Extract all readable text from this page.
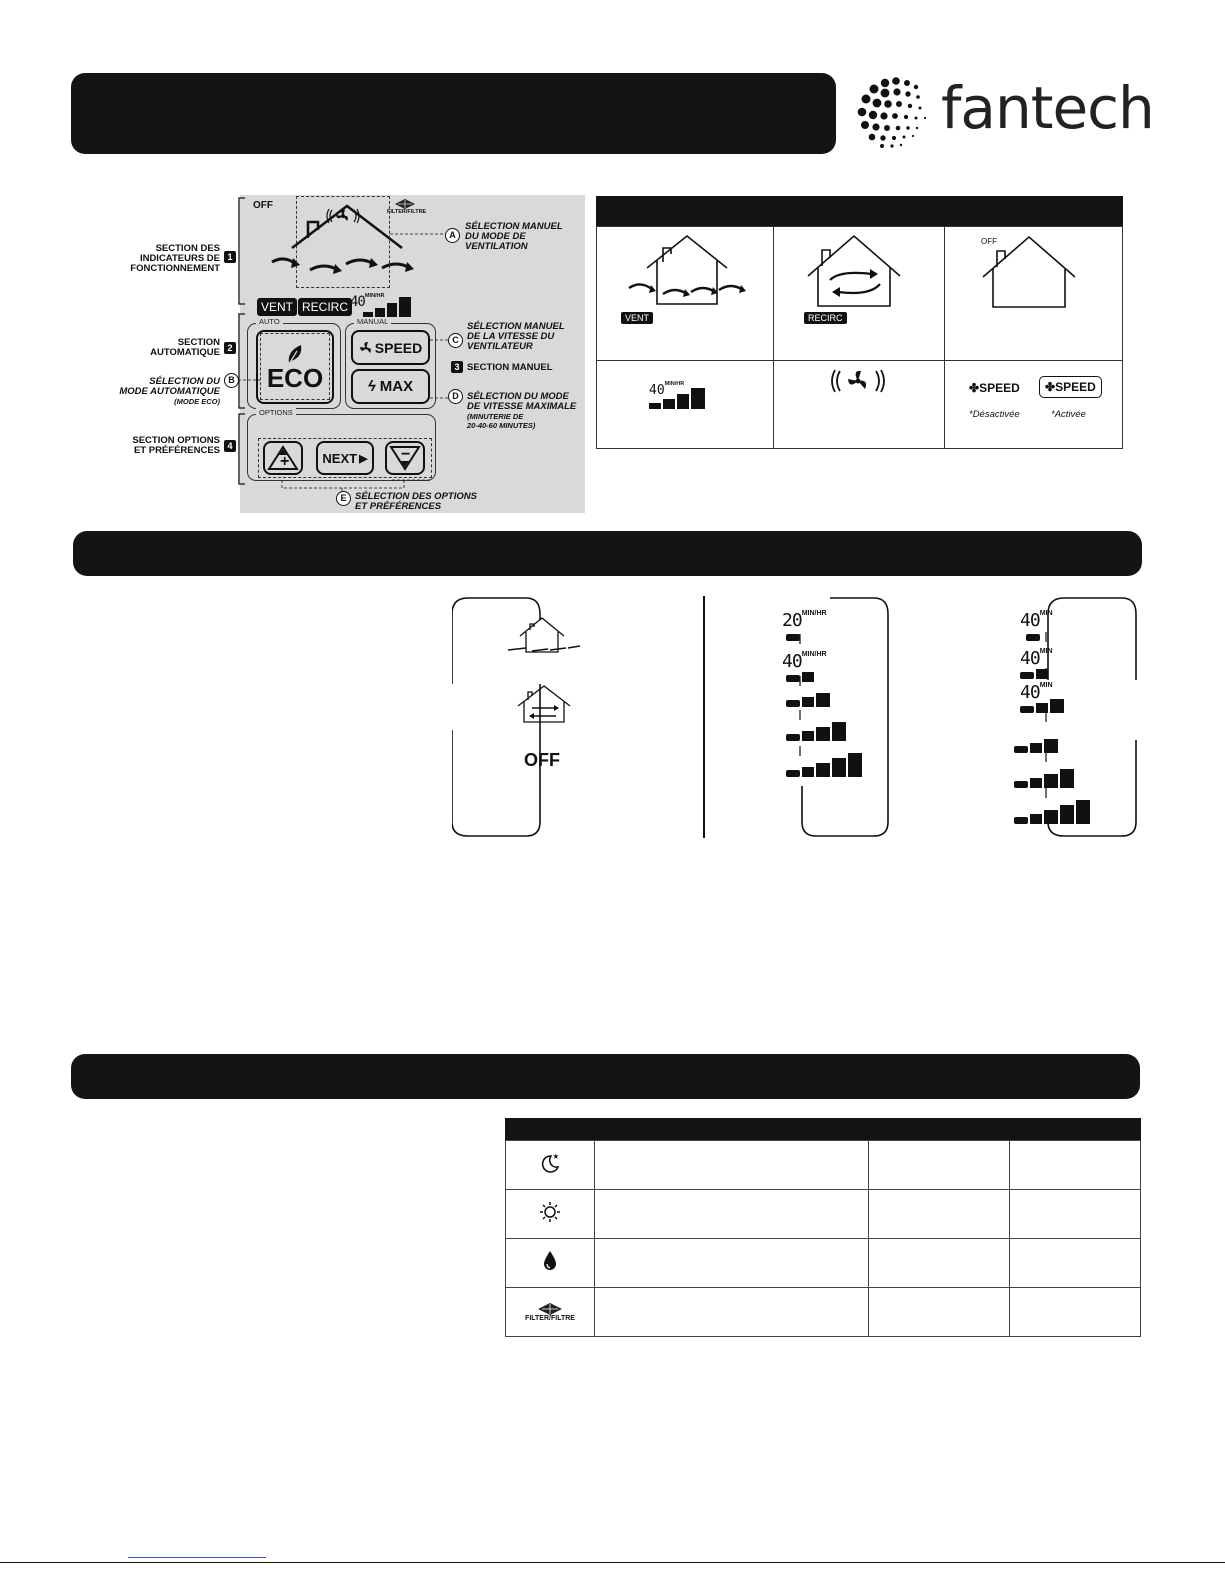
fantech
OFF
FILTER/FILTRE
VENT RECIRC $40^{MIN/HR}$
AUTO
ECO
MANUAL
SPEED
ϟ MAX
OPTIONS
+	NEXT ▶ −
SECTION DES
INDICATEURS DE
FONCTIONNEMENT
1
SECTION
AUTOMATIQUE 2
SÉLECTION DU
MODE AUTOMATIQUE
(MODE ECO)
B
SECTION OPTIONS
ET PRÉFÉRENCES 4
A
SÉLECTION MANUEL
DU MODE DE
VENTILATION
C
SÉLECTION MANUEL
DE LA VITESSE DU
VENTILATEUR
3 SECTION MANUEL
D SÉLECTION DU MODE
DE VITESSE MAXIMALE
(MINUTERIE DE
20-40-60 MINUTES)
E SÉLECTION DES OPTIONS
ET PRÉFÉRENCES
VENT	RECIRC	OFF

$40^{MIN/HR}$		✤SPEED ✤SPEED
*Désactivée *Activée
OFF
$20^{MIN/HR}$
$40^{MIN/HR}$
$40^{MIN}$
$40^{MIN}$
$40^{MIN}$

FILTER/FILTRE			
